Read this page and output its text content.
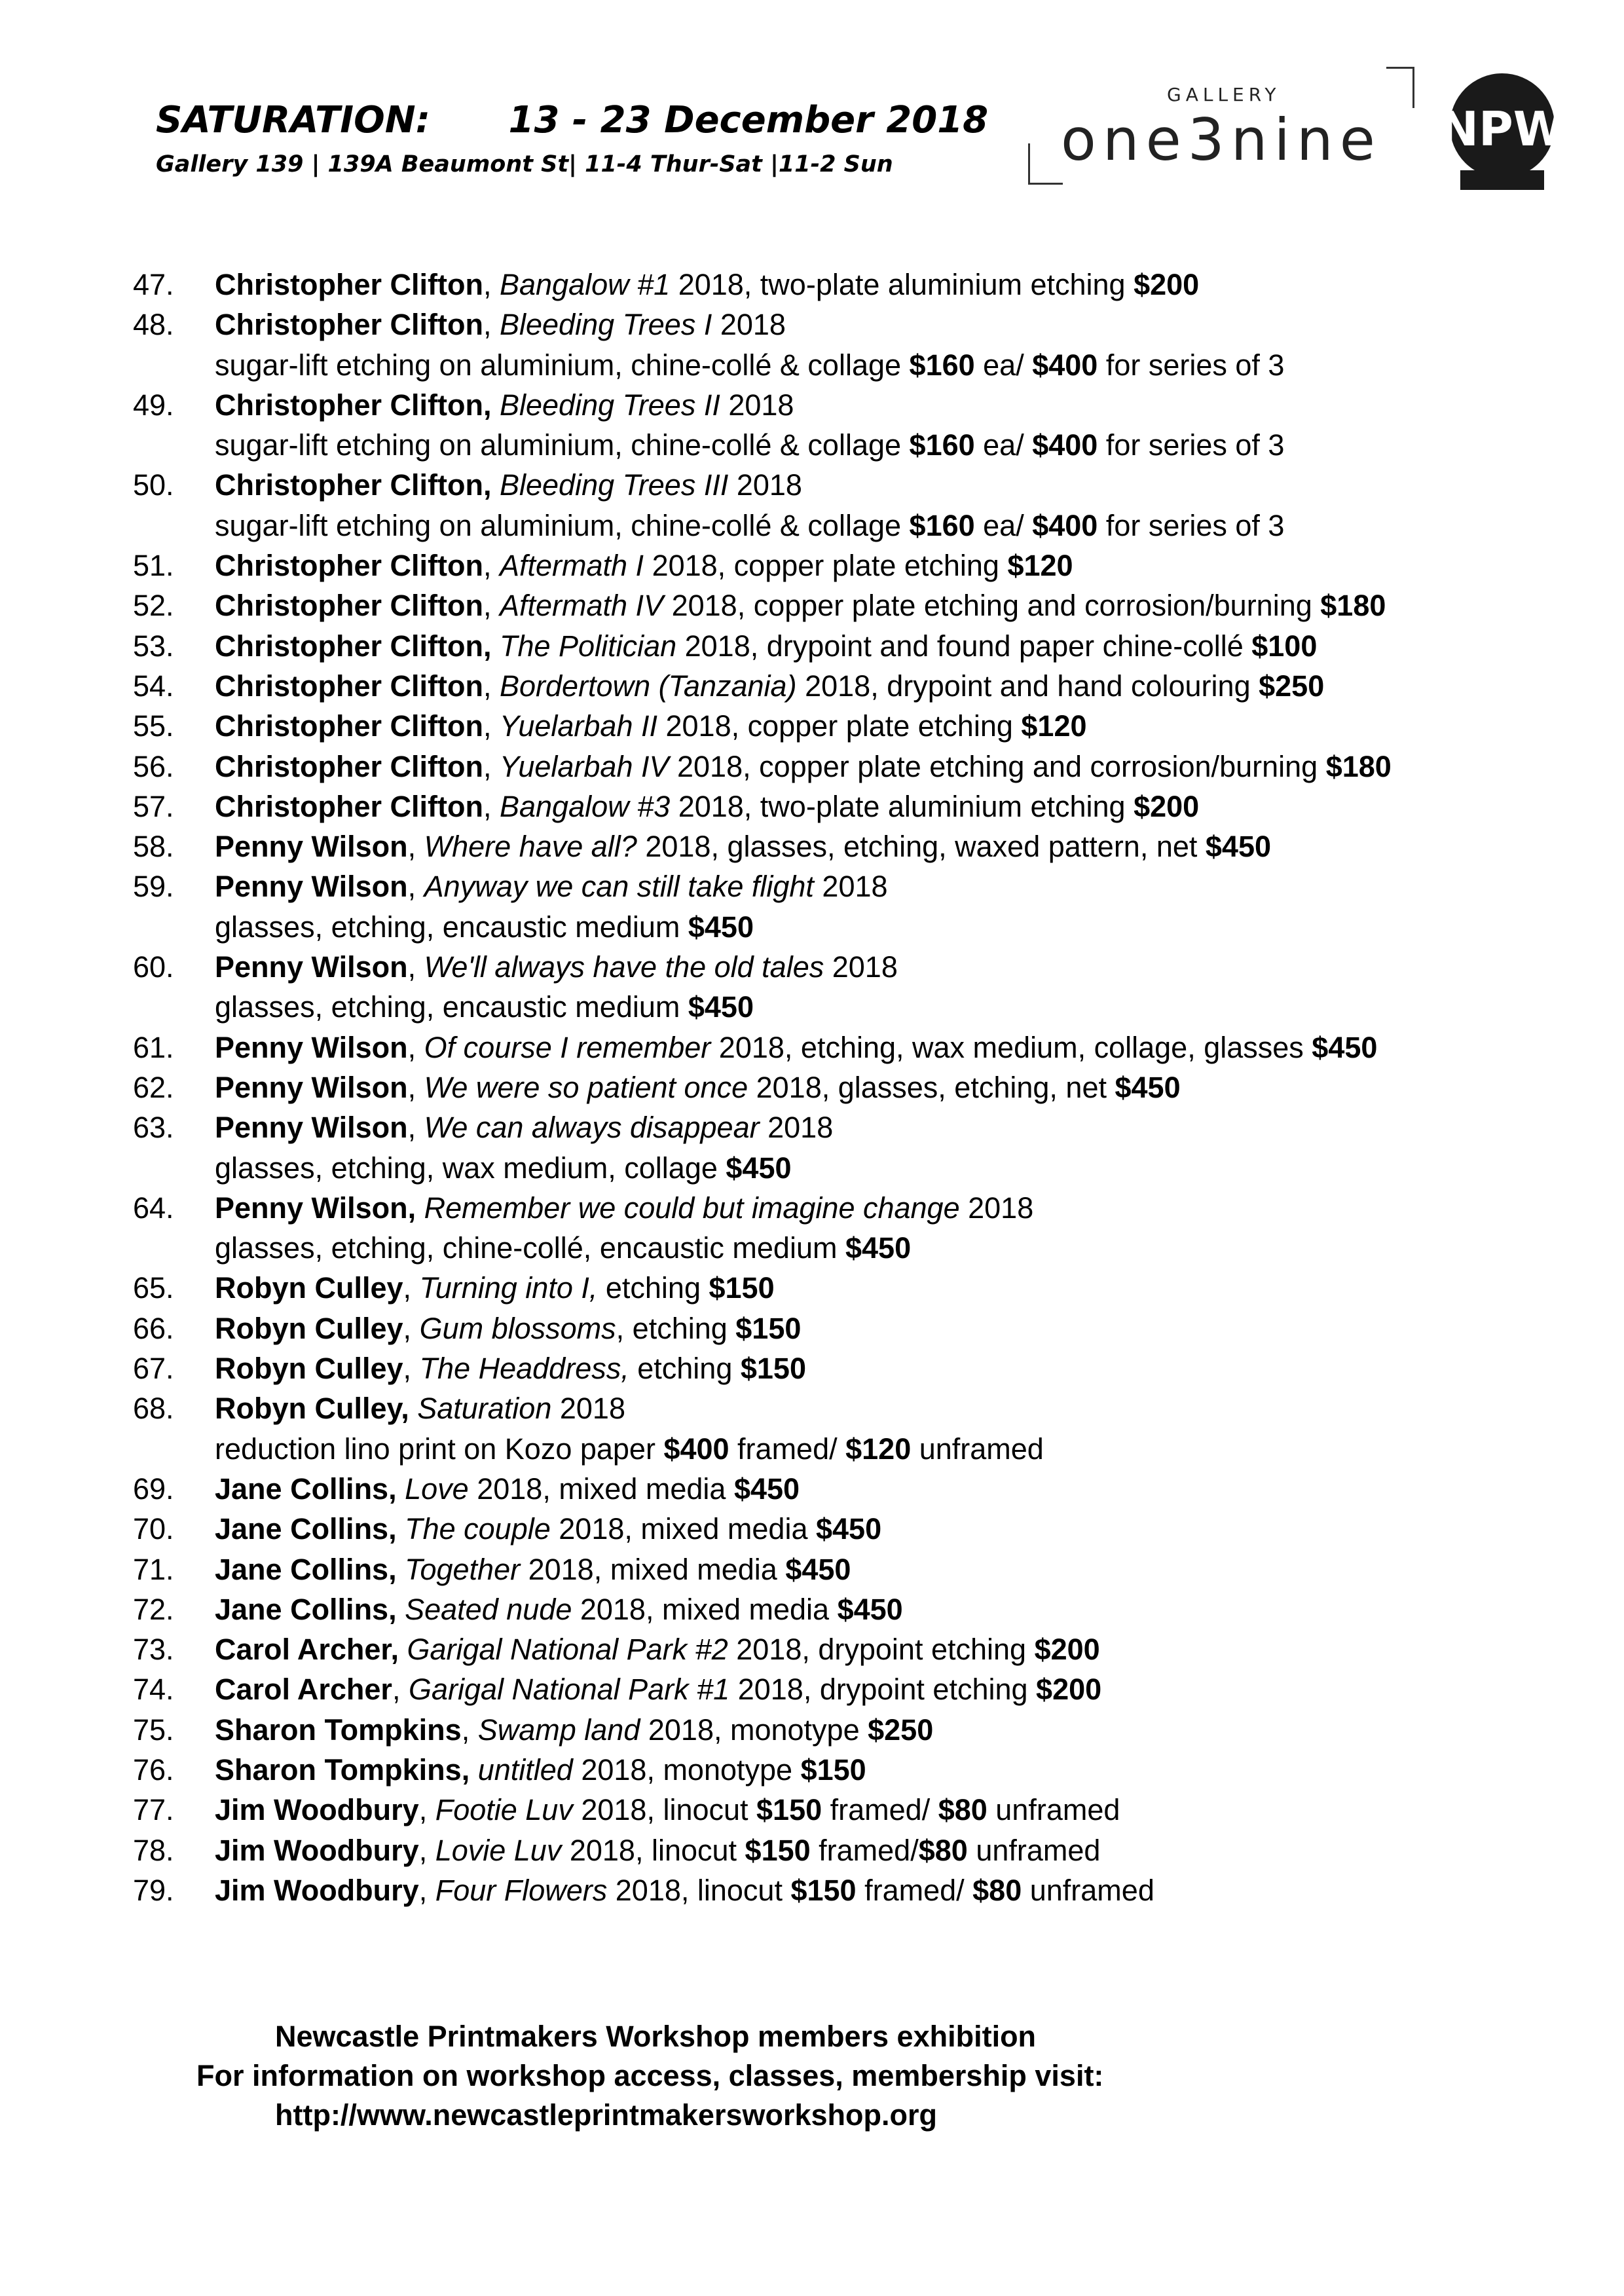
SATURATION: 13 - 23 December 2018
Gallery 139 | 139A Beaumont St| 11-4 Thur-Sat |11-2 Sun
GALLERY
one3nine NPW
47. Christopher Clifton, Bangalow #1 2018, two-plate aluminium etching $200
48. Christopher Clifton, Bleeding Trees I 2018
sugar-lift etching on aluminium, chine-collé & collage $160 ea/ $400 for series of 3
49. Christopher Clifton, Bleeding Trees II 2018
sugar-lift etching on aluminium, chine-collé & collage $160 ea/ $400 for series of 3
50. Christopher Clifton, Bleeding Trees III 2018
sugar-lift etching on aluminium, chine-collé & collage $160 ea/ $400 for series of 3
51. Christopher Clifton, Aftermath I 2018, copper plate etching $120
52. Christopher Clifton, Aftermath IV 2018, copper plate etching and corrosion/burning $180
53. Christopher Clifton, The Politician 2018, drypoint and found paper chine-collé $100
54. Christopher Clifton, Bordertown (Tanzania) 2018, drypoint and hand colouring $250
55. Christopher Clifton, Yuelarbah II 2018, copper plate etching $120
56. Christopher Clifton, Yuelarbah IV 2018, copper plate etching and corrosion/burning $180
57. Christopher Clifton, Bangalow #3 2018, two-plate aluminium etching $200
58. Penny Wilson, Where have all? 2018, glasses, etching, waxed pattern, net $450
59. Penny Wilson, Anyway we can still take flight 2018
glasses, etching, encaustic medium $450
60. Penny Wilson, We'll always have the old tales 2018
glasses, etching, encaustic medium $450
61. Penny Wilson, Of course I remember 2018, etching, wax medium, collage, glasses $450
62. Penny Wilson, We were so patient once 2018, glasses, etching, net $450
63. Penny Wilson, We can always disappear 2018
glasses, etching, wax medium, collage $450
64. Penny Wilson, Remember we could but imagine change 2018
glasses, etching, chine-collé, encaustic medium $450
65. Robyn Culley, Turning into I, etching $150
66. Robyn Culley, Gum blossoms, etching $150
67. Robyn Culley, The Headdress, etching $150
68. Robyn Culley, Saturation 2018
reduction lino print on Kozo paper $400 framed/ $120 unframed
69. Jane Collins, Love 2018, mixed media $450
70. Jane Collins, The couple 2018, mixed media $450
71. Jane Collins, Together 2018, mixed media $450
72. Jane Collins, Seated nude 2018, mixed media $450
73. Carol Archer, Garigal National Park #2 2018, drypoint etching $200
74. Carol Archer, Garigal National Park #1 2018, drypoint etching $200
75. Sharon Tompkins, Swamp land 2018, monotype $250
76. Sharon Tompkins, untitled 2018, monotype $150
77. Jim Woodbury, Footie Luv 2018, linocut $150 framed/ $80 unframed
78. Jim Woodbury, Lovie Luv 2018, linocut $150 framed/$80 unframed
79. Jim Woodbury, Four Flowers 2018, linocut $150 framed/ $80 unframed
Newcastle Printmakers Workshop members exhibition
For information on workshop access, classes, membership visit:
http://www.newcastleprintmakersworkshop.org
